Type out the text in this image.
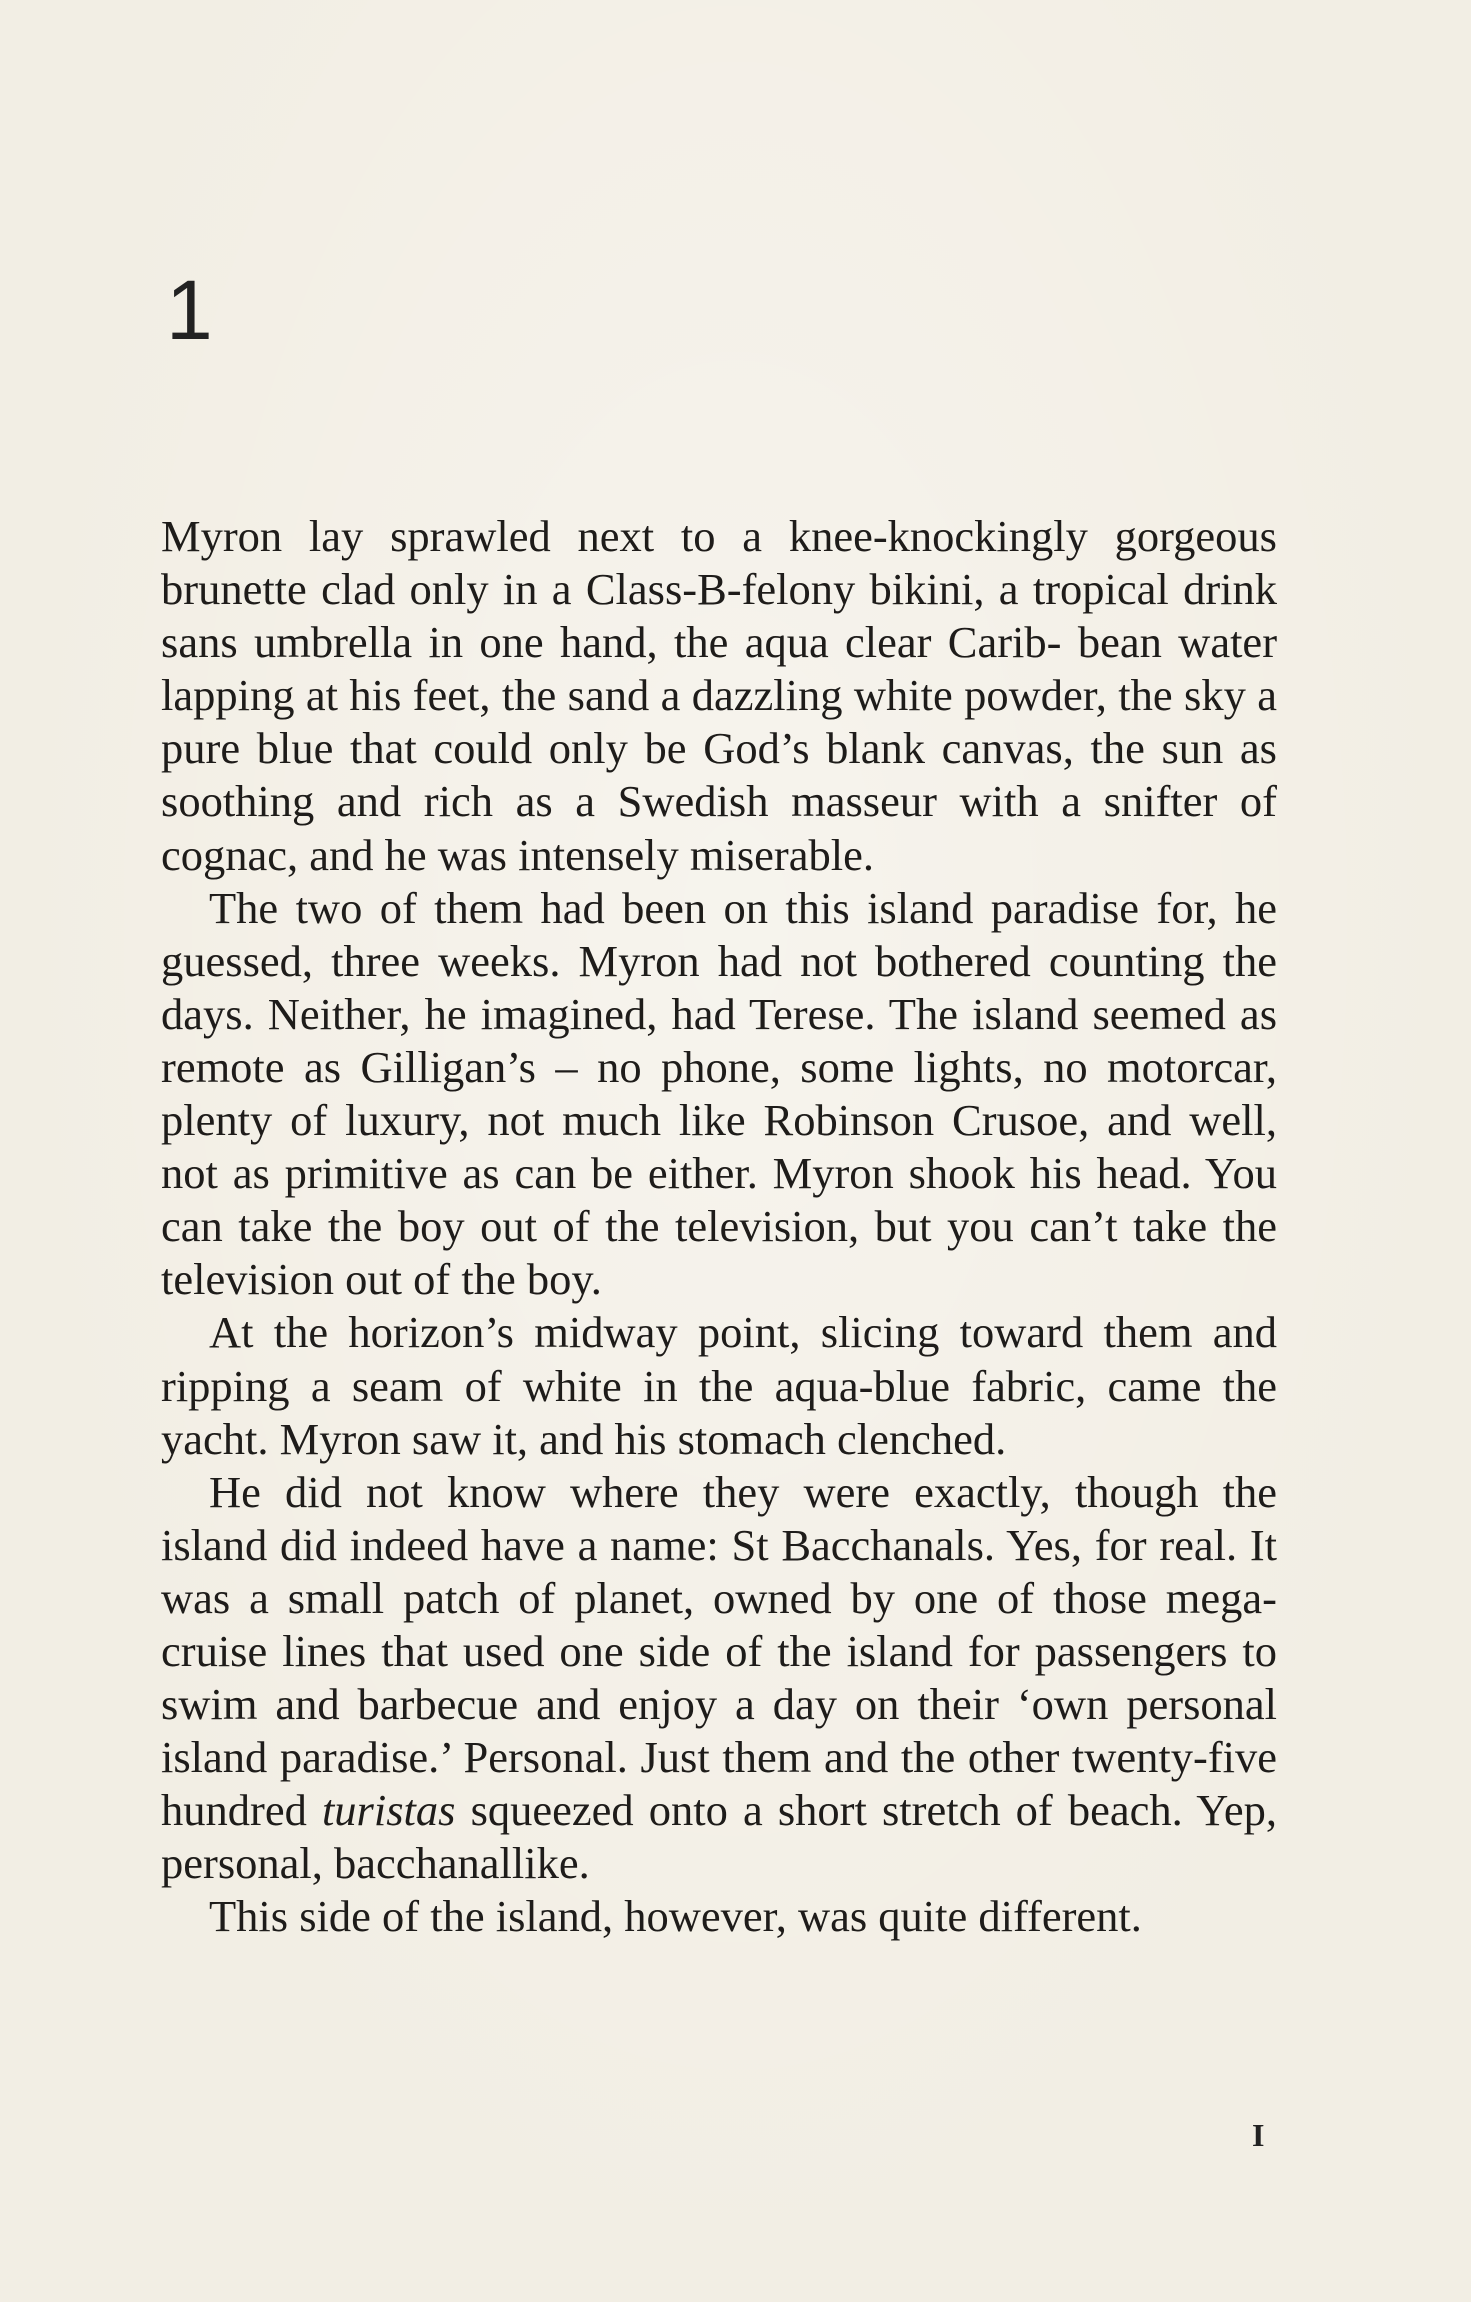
1

Myron lay sprawled next to a knee-knockingly gorgeous brunette clad only in a Class-B-felony bikini, a tropical drink sans umbrella in one hand, the aqua clear Carib- bean water lapping at his feet, the sand a dazzling white powder, the sky a pure blue that could only be God’s blank canvas, the sun as soothing and rich as a Swedish masseur with a snifter of cognac, and he was intensely miserable.

The two of them had been on this island paradise for, he guessed, three weeks. Myron had not bothered counting the days. Neither, he imagined, had Terese. The island seemed as remote as Gilligan’s – no phone, some lights, no motorcar, plenty of luxury, not much like Robinson Crusoe, and well, not as primitive as can be either. Myron shook his head. You can take the boy out of the television, but you can’t take the television out of the boy.

At the horizon’s midway point, slicing toward them and ripping a seam of white in the aqua-blue fabric, came the yacht. Myron saw it, and his stomach clenched.

He did not know where they were exactly, though the island did indeed have a name: St Bacchanals. Yes, for real. It was a small patch of planet, owned by one of those mega-cruise lines that used one side of the island for passengers to swim and barbecue and enjoy a day on their ‘own personal island paradise.’ Personal. Just them and the other twenty-five hundred turistas squeezed onto a short stretch of beach. Yep, personal, bacchanallike.

This side of the island, however, was quite different.

I
